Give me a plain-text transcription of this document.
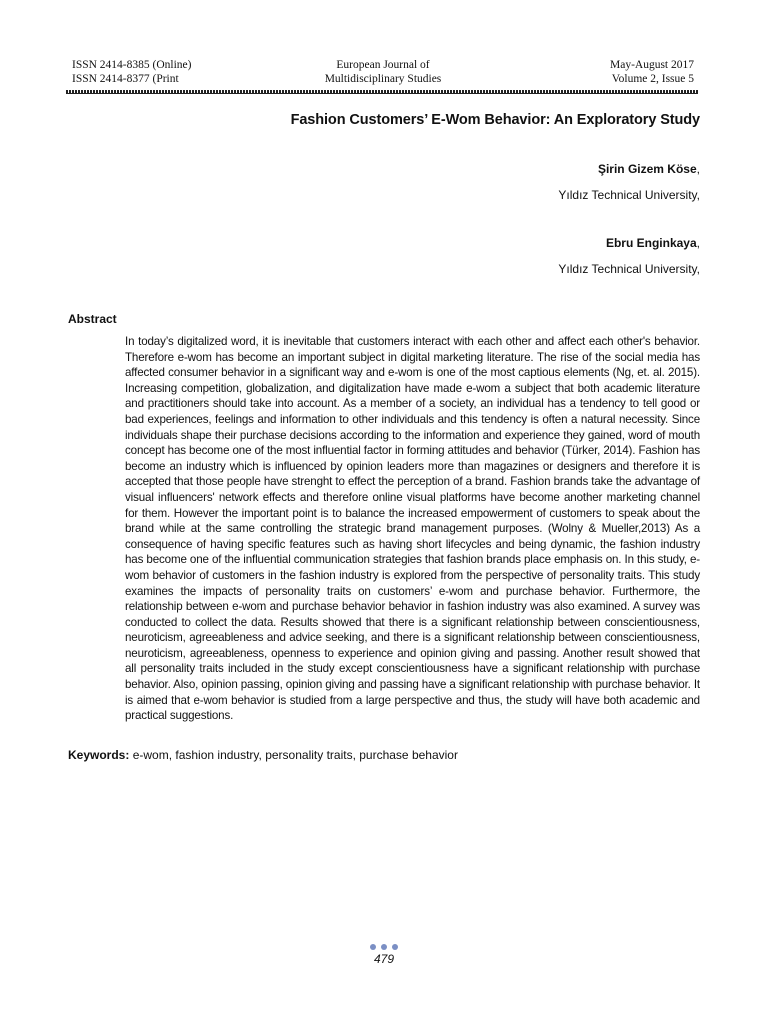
ISSN 2414-8385 (Online)
ISSN 2414-8377 (Print
European Journal of
Multidisciplinary Studies
May-August 2017
Volume 2, Issue 5
Fashion Customers’ E-Wom Behavior: An Exploratory Study
Şirin Gizem Köse,
Yıldız Technical University,
Ebru Enginkaya,
Yıldız Technical University,
Abstract
In today’s digitalized word, it is inevitable that customers interact with each other and affect each other's behavior. Therefore e-wom has become an important subject in digital marketing literature. The rise of the social media has affected consumer behavior in a significant way and e-wom is one of the most captious elements (Ng, et. al. 2015). Increasing competition, globalization, and digitalization have made e-wom a subject that both academic literature and practitioners should take into account. As a member of a society, an individual has a tendency to tell good or bad experiences, feelings and information to other individuals and this tendency is often a natural necessity. Since individuals shape their purchase decisions according to the information and experience they gained, word of mouth concept has become one of the most influential factor in forming attitudes and behavior (Türker, 2014). Fashion has become an industry which is influenced by opinion leaders more than magazines or designers and therefore it is accepted that those people have strenght to effect the perception of a brand. Fashion brands take the advantage of visual influencers' network effects and therefore online visual platforms have become another marketing channel for them. However the important point is to balance the increased empowerment of customers to speak about the brand while at the same controlling the strategic brand management purposes. (Wolny & Mueller,2013) As a consequence of having specific features such as having short lifecycles and being dynamic, the fashion industry has become one of the influential communication strategies that fashion brands place emphasis on. In this study, e-wom behavior of customers in the fashion industry is explored from the perspective of personality traits. This study examines the impacts of personality traits on customers’ e-wom and purchase behavior. Furthermore, the relationship between e-wom and purchase behavior behavior in fashion industry was also examined. A survey was conducted to collect the data. Results showed that there is a significant relationship between conscientiousness, neuroticism, agreeableness and advice seeking, and there is a significant relationship between conscientiousness, neuroticism, agreeableness, openness to experience and opinion giving and passing. Another result showed that all personality traits included in the study except conscientiousness have a significant relationship with purchase behavior. Also, opinion passing, opinion giving and passing have a significant relationship with purchase behavior. It is aimed that e-wom behavior is studied from a large perspective and thus, the study will have both academic and practical suggestions.
Keywords: e-wom, fashion industry, personality traits, purchase behavior
479
